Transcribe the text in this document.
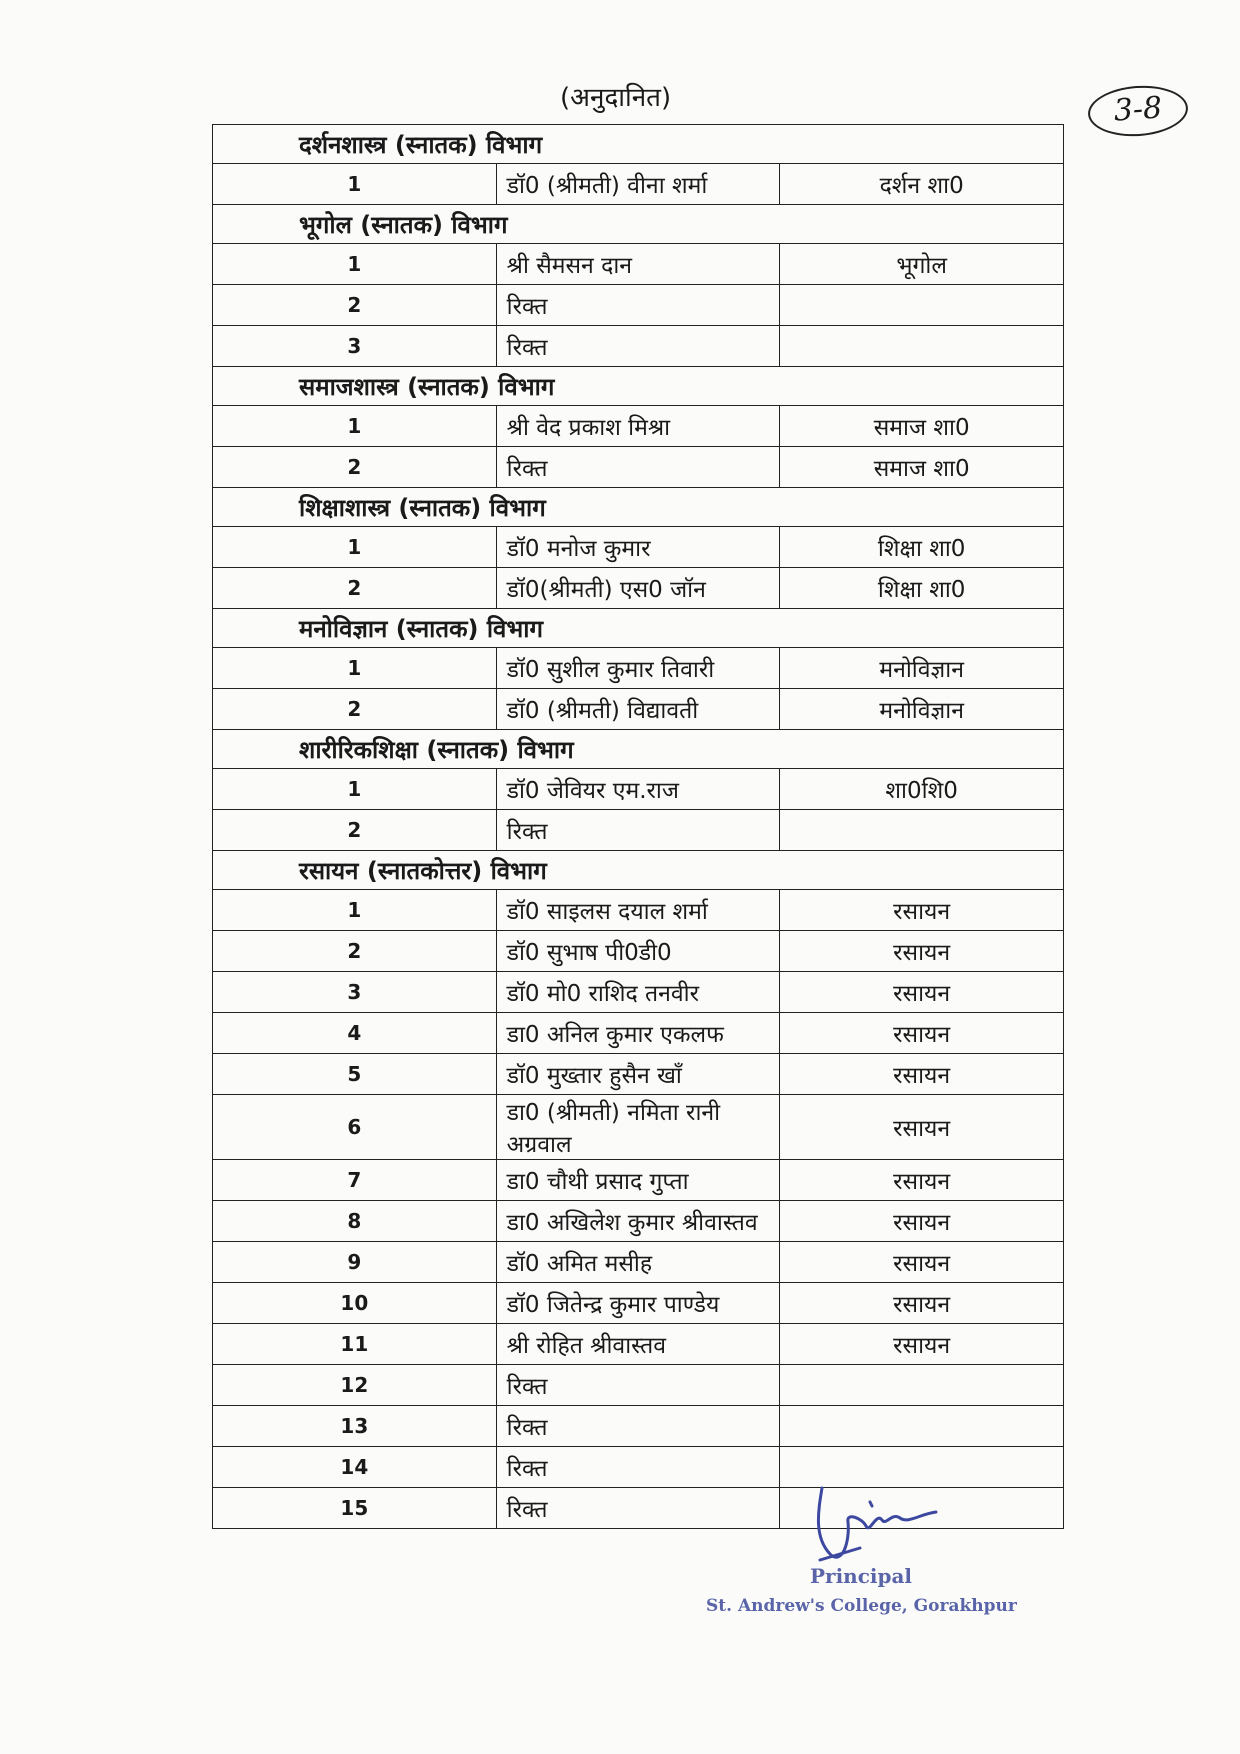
(अनुदानित)	3-8
दर्शनशास्त्र (स्नातक) विभाग		
1	डॉ0 (श्रीमती) वीना शर्मा	दर्शन शा0
भूगोल (स्नातक) विभाग		
1	श्री सैमसन दान	भूगोल
2	रिक्त	
3	रिक्त	
समाजशास्त्र (स्नातक) विभाग		
1	श्री वेद प्रकाश मिश्रा	समाज शा0
2	रिक्त	समाज शा0
शिक्षाशास्त्र (स्नातक) विभाग		
1	डॉ0 मनोज कुमार	शिक्षा शा0
2	डॉ0(श्रीमती) एस0 जॉन	शिक्षा शा0
मनोविज्ञान (स्नातक) विभाग		
1	डॉ0 सुशील कुमार तिवारी	मनोविज्ञान
2	डॉ0 (श्रीमती) विद्यावती	मनोविज्ञान
शारीरिकशिक्षा (स्नातक) विभाग		
1	डॉ0 जेवियर एम.राज	शा0शि0
2	रिक्त	
रसायन (स्नातकोत्तर) विभाग		
1	डॉ0 साइलस दयाल शर्मा	रसायन
2	डॉ0 सुभाष पी0डी0	रसायन
3	डॉ0 मो0 राशिद तनवीर	रसायन
4	डा0 अनिल कुमार एकलफ	रसायन
5	डॉ0 मुख्तार हुसैन खाँ	रसायन
6	डा0 (श्रीमती) नमिता रानी अग्रवाल	रसायन
7	डा0 चौथी प्रसाद गुप्ता	रसायन
8	डा0 अखिलेश कुमार श्रीवास्तव	रसायन
9	डॉ0 अमित मसीह	रसायन
10	डॉ0 जितेन्द्र कुमार पाण्डेय	रसायन
11	श्री रोहित श्रीवास्तव	रसायन
12	रिक्त	
13	रिक्त	
14	रिक्त	
15	रिक्त	
Principal
St. Andrew's College, Gorakhpur
